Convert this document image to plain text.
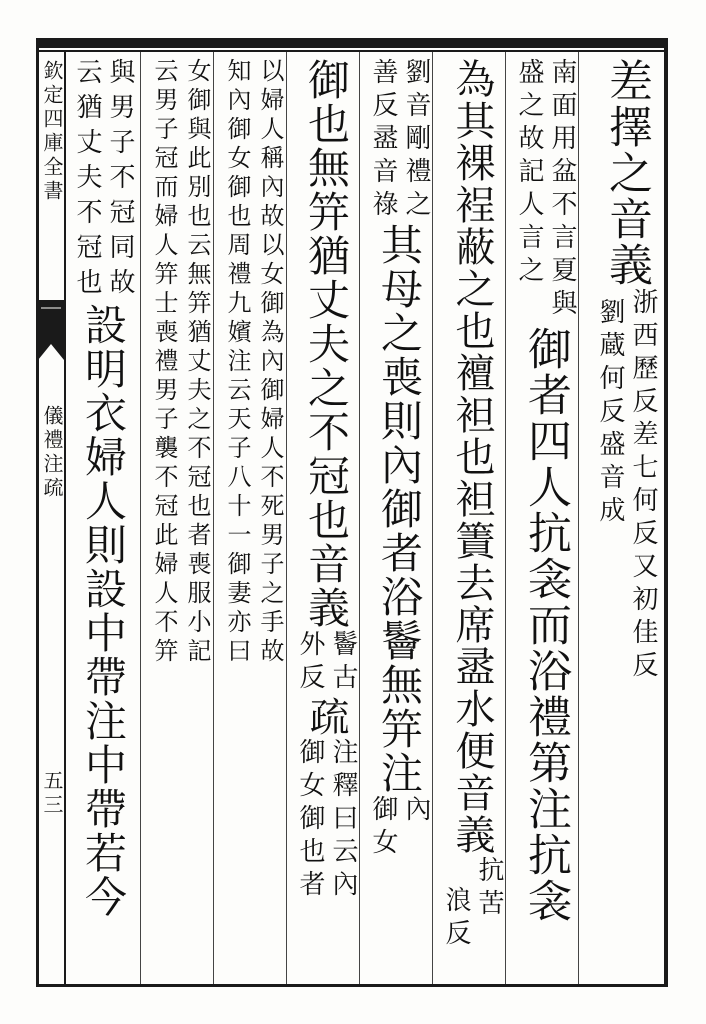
欽定四庫全書
儀禮注疏
五三
差擇之音義
浙西歷反差七何反又初佳反
劉蔵何反盛音成
南面用盆不言夏與
盛之故記人言之
御者四人抗衾而浴禮第注抗衾
為其裸裎蔽之也襢袒也袒簀去席盝水便音義
抗苦
浪反
劉音剛禮之
善反盝音祿
其母之喪則內御者浴鬠無笄注
內
御女
御也無笄猶丈夫之不冠也音義
鬠古
外反
疏
注釋曰云內
御女御也者
以婦人稱內故以女御為內御婦人不死男子之手故
知內御女御也周禮九嬪注云天子八十一御妻亦曰
女御與此別也云無笄猶丈夫之不冠也者喪服小記
云男子冠而婦人笄士喪禮男子襲不冠此婦人不笄
與男子不冠同故
云猶丈夫不冠也
設明衣婦人則設中帶注中帶若今
